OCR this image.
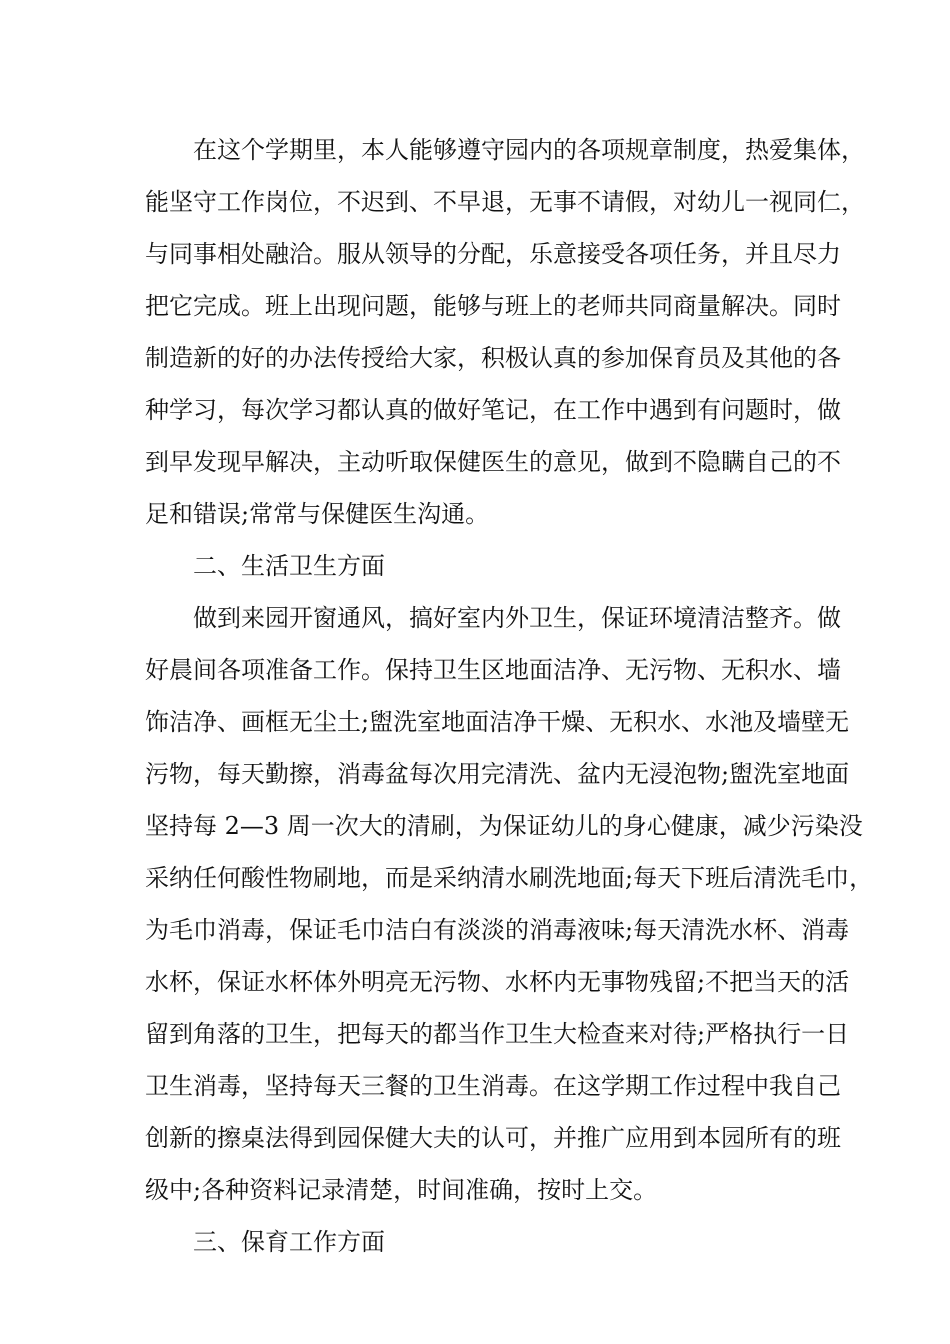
在这个学期里，本人能够遵守园内的各项规章制度，热爱集体，
能坚守工作岗位，不迟到、不早退，无事不请假，对幼儿一视同仁，
与同事相处融洽。服从领导的分配，乐意接受各项任务，并且尽力
把它完成。班上出现问题，能够与班上的老师共同商量解决。同时
制造新的好的办法传授给大家，积极认真的参加保育员及其他的各
种学习，每次学习都认真的做好笔记，在工作中遇到有问题时，做
到早发现早解决，主动听取保健医生的意见，做到不隐瞒自己的不
足和错误;常常与保健医生沟通。
二、生活卫生方面
做到来园开窗通风，搞好室内外卫生，保证环境清洁整齐。做
好晨间各项准备工作。保持卫生区地面洁净、无污物、无积水、墙
饰洁净、画框无尘土;盥洗室地面洁净干燥、无积水、水池及墙壁无
污物，每天勤擦，消毒盆每次用完清洗、盆内无浸泡物;盥洗室地面
坚持每 2—3 周一次大的清刷，为保证幼儿的身心健康，减少污染没
采纳任何酸性物刷地，而是采纳清水刷洗地面;每天下班后清洗毛巾，
为毛巾消毒，保证毛巾洁白有淡淡的消毒液味;每天清洗水杯、消毒
水杯，保证水杯体外明亮无污物、水杯内无事物残留;不把当天的活
留到角落的卫生，把每天的都当作卫生大检查来对待;严格执行一日
卫生消毒，坚持每天三餐的卫生消毒。在这学期工作过程中我自己
创新的擦桌法得到园保健大夫的认可，并推广应用到本园所有的班
级中;各种资料记录清楚，时间准确，按时上交。
三、保育工作方面
